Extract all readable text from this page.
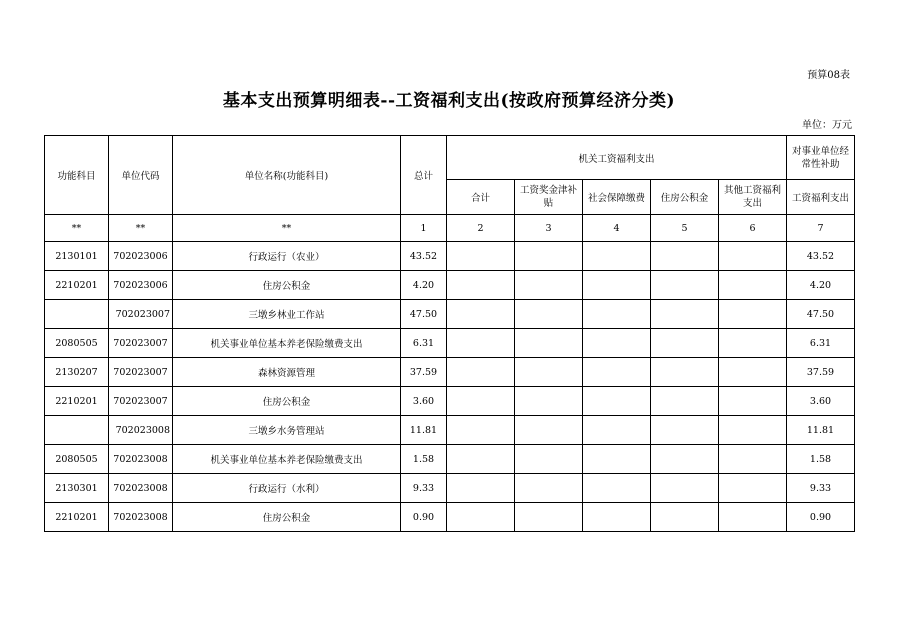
预算08表
基本支出预算明细表--工资福利支出(按政府预算经济分类)
单位：万元
功能科目	单位代码	单位名称(功能科目)	总计	机关工资福利支出					对事业单位经常性补助
				合计	工资奖金津补贴	社会保障缴费	住房公积金	其他工资福利支出	工资福利支出
**	**	**	1	2	3	4	5	6	7
2130101	702023006	行政运行（农业）	43.52						43.52
2210201	702023006	住房公积金	4.20						4.20
	702023007	三墩乡林业工作站	47.50						47.50
2080505	702023007	机关事业单位基本养老保险缴费支出	6.31						6.31
2130207	702023007	森林资源管理	37.59						37.59
2210201	702023007	住房公积金	3.60						3.60
	702023008	三墩乡水务管理站	11.81						11.81
2080505	702023008	机关事业单位基本养老保险缴费支出	1.58						1.58
2130301	702023008	行政运行（水利）	9.33						9.33
2210201	702023008	住房公积金	0.90						0.90
